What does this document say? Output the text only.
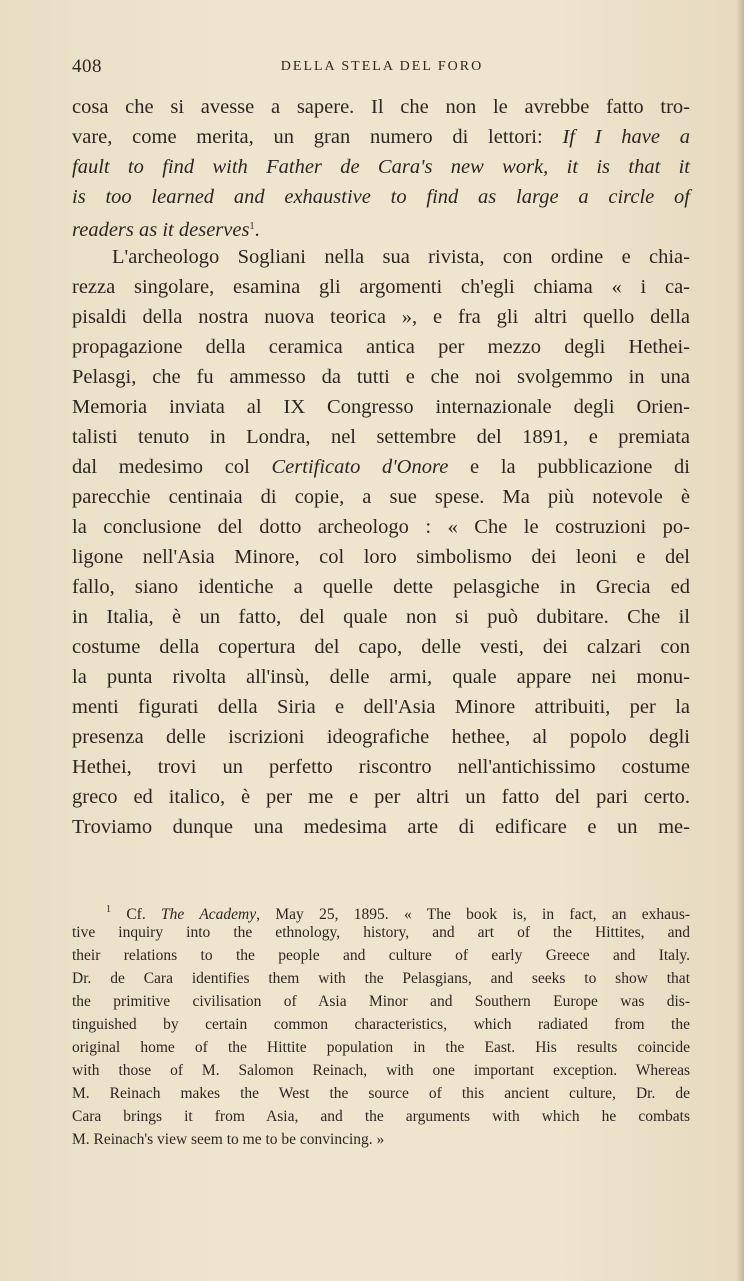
408	DELLA STELA DEL FORO
cosa che si avesse a sapere. Il che non le avrebbe fatto tro-
vare, come merita, un gran numero di lettori: If I have a
fault to find with Father de Cara's new work, it is that it
is too learned and exhaustive to find as large a circle of
readers as it deserves$^1$.
L'archeologo Sogliani nella sua rivista, con ordine e chia-
rezza singolare, esamina gli argomenti ch'egli chiama « i ca-
pisaldi della nostra nuova teorica », e fra gli altri quello della
propagazione della ceramica antica per mezzo degli Hethei-
Pelasgi, che fu ammesso da tutti e che noi svolgemmo in una
Memoria inviata al IX Congresso internazionale degli Orien-
talisti tenuto in Londra, nel settembre del 1891, e premiata
dal medesimo col Certificato d'Onore e la pubblicazione di
parecchie centinaia di copie, a sue spese. Ma più notevole è
la conclusione del dotto archeologo : « Che le costruzioni po-
ligone nell'Asia Minore, col loro simbolismo dei leoni e del
fallo, siano identiche a quelle dette pelasgiche in Grecia ed
in Italia, è un fatto, del quale non si può dubitare. Che il
costume della copertura del capo, delle vesti, dei calzari con
la punta rivolta all'insù, delle armi, quale appare nei monu-
menti figurati della Siria e dell'Asia Minore attribuiti, per la
presenza delle iscrizioni ideografiche hethee, al popolo degli
Hethei, trovi un perfetto riscontro nell'antichissimo costume
greco ed italico, è per me e per altri un fatto del pari certo.
Troviamo dunque una medesima arte di edificare e un me-
$^1$ Cf. The Academy, May 25, 1895. « The book is, in fact, an exhaus-
tive inquiry into the ethnology, history, and art of the Hittites, and
their relations to the people and culture of early Greece and Italy.
Dr. de Cara identifies them with the Pelasgians, and seeks to show that
the primitive civilisation of Asia Minor and Southern Europe was dis-
tinguished by certain common characteristics, which radiated from the
original home of the Hittite population in the East. His results coincide
with those of M. Salomon Reinach, with one important exception. Whereas
M. Reinach makes the West the source of this ancient culture, Dr. de
Cara brings it from Asia, and the arguments with which he combats
M. Reinach's view seem to me to be convincing. »
